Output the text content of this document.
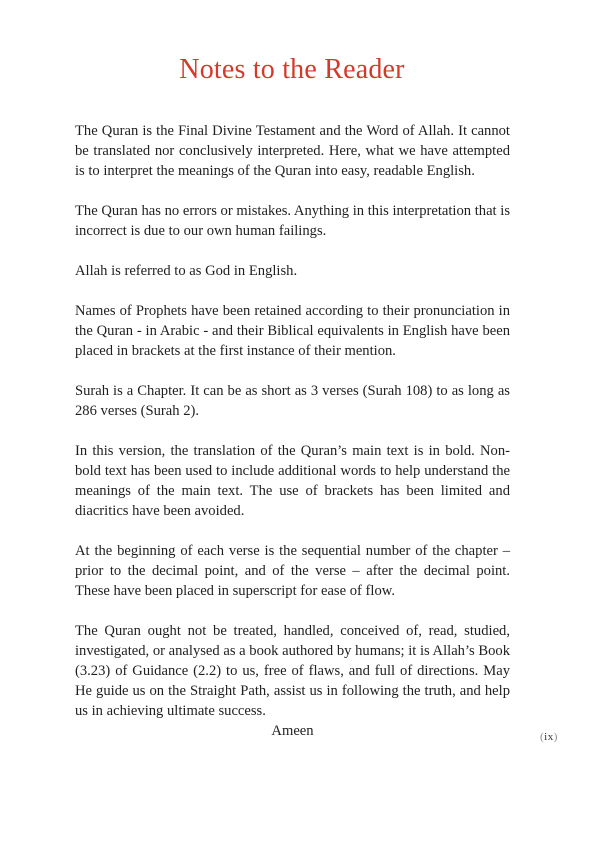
Notes to the Reader

The Quran is the Final Divine Testament and the Word of Allah. It cannot be translated nor conclusively interpreted. Here, what we have attempted is to interpret the meanings of the Quran into easy, readable English.

The Quran has no errors or mistakes. Anything in this interpretation that is incorrect is due to our own human failings.

Allah is referred to as God in English.

Names of Prophets have been retained according to their pronunciation in the Quran - in Arabic - and their Biblical equivalents in English have been placed in brackets at the first instance of their mention.

Surah is a Chapter. It can be as short as 3 verses (Surah 108) to as long as 286 verses (Surah 2).

In this version, the translation of the Quran’s main text is in bold. Non-bold text has been used to include additional words to help understand the meanings of the main text. The use of brackets has been limited and diacritics have been avoided.

At the beginning of each verse is the sequential number of the chapter – prior to the decimal point, and of the verse – after the decimal point. These have been placed in superscript for ease of flow.

The Quran ought not be treated, handled, conceived of, read, studied, investigated, or analysed as a book authored by humans; it is Allah’s Book (3.23) of Guidance (2.2) to us, free of flaws, and full of directions. May He guide us on the Straight Path, assist us in following the truth, and help us in achieving ultimate success.

Ameen	(ix)
